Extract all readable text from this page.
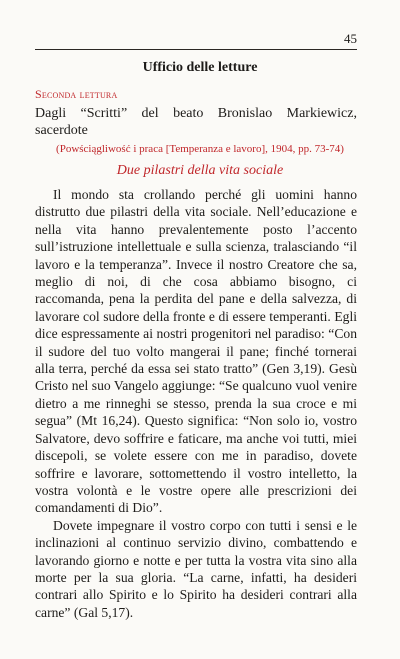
45
Ufficio delle letture
Seconda lettura
Dagli “Scritti” del beato Bronislao Markiewicz, sacerdote
(Powściągliwość i praca [Temperanza e lavoro], 1904, pp. 73-74)
Due pilastri della vita sociale

Il mondo sta crollando perché gli uomini hanno distrutto due pilastri della vita sociale. Nell’educazione e nella vita hanno prevalentemente posto l’accento sull’istruzione intellettuale e sulla scienza, tralasciando “il lavoro e la temperanza”. Invece il nostro Creatore che sa, meglio di noi, di che cosa abbiamo bisogno, ci raccomanda, pena la perdita del pane e della salvezza, di lavorare col sudore della fronte e di essere temperanti. Egli dice espressamente ai nostri progenitori nel paradiso: “Con il sudore del tuo volto mangerai il pane; finché tornerai alla terra, perché da essa sei stato tratto” (Gen 3,19). Gesù Cristo nel suo Vangelo aggiunge: “Se qualcuno vuol venire dietro a me rinneghi se stesso, prenda la sua croce e mi segua” (Mt 16,24). Questo significa: “Non solo io, vostro Salvatore, devo soffrire e faticare, ma anche voi tutti, miei discepoli, se volete essere con me in paradiso, dovete soffrire e lavorare, sottomettendo il vostro intelletto, la vostra volontà e le vostre opere alle prescrizioni dei comandamenti di Dio”.

Dovete impegnare il vostro corpo con tutti i sensi e le inclinazioni al continuo servizio divino, combattendo e lavorando giorno e notte e per tutta la vostra vita sino alla morte per la sua gloria. “La carne, infatti, ha desideri contrari allo Spirito e lo Spirito ha desideri contrari alla carne” (Gal 5,17).
